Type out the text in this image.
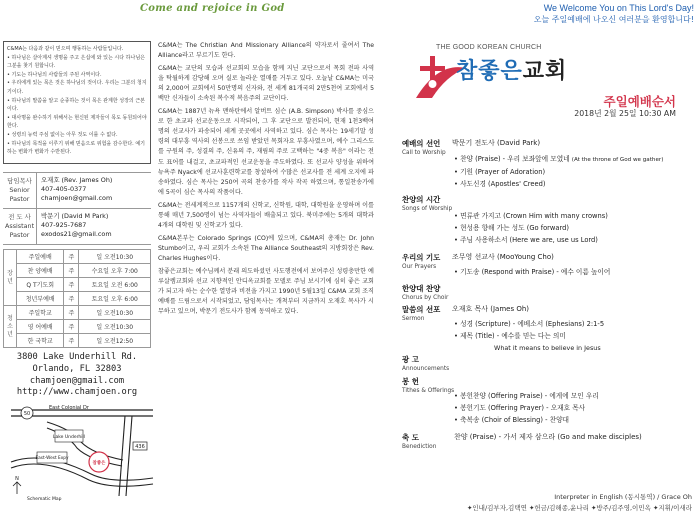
Come and rejoice in God	We Welcome You on This Lord's Day!
오늘 주일예배에 나오신 여러분을 환영합니다!

C&MA는 다음과 같이 믿으며 행동하는 사람들입니다.

• 하나님은 살아계셔 생명을 주고 은십에 와 있는 시다 하나님은 그분을 찾기 원합니다.

• 기도는 하나님의 사람들의 주된 사역이다.

• 우리에게 있는 목은 것은 하나님의 것이다. 우리는 그분의 청지기이다.

• 하나님의 말씀을 알고 순종하는 것이 목은 관계한 성장의 근본이다.

• 대사명을 완수하기 위해서는 현신된 제자들이 목도 동원되어야 한다.

• 성령의 능력 주심 없이는 아무 것도 이룰 수 없다.

• 하나님의 목적을 이루기 위해 믿음으로 위험을 감수한다. 예기하는 변화가 변화가 수반된다.

담임목사
Senior
Pastor
오재호 (Rev. James Oh)
407-405-0377
chamjoen@gmail.com
전 도 사
Assistant
Pastor
박문기 (David M Park)
407-925-7687
exodos21@gmail.com
장년	주일예배	주	일 오전10:30
	찬 양예배	주	수요일 오후 7:00
	Q T기도회	주	토요일 오전 6:00
	청년부예배	주	토요일 오후 6:00
청소년	주일학교	주	일 오전10:30
	영 어예배	주	일 오전10:30
	한 국학교	주	일 오전12:50
3800 Lake Underhill Rd.
Orlando, FL 32803
chamjoen@gmail.com
http://www.chamjoen.org
East Colonial Dr
50
436
Lake Underhill
East-West Expy
참좋은
N
Schematic Map

C&MA는 The Christian And Missionary Alliance의 약자로서 줄여서 The Alliance라고 부르기도 한다.

C&MA는 교단의 모습과 선교회의 모습을 함께 지닌 교단으로서 목회 전파 사역을 탁월하게 감당해 오며 실로 놀라운 열매를 거두고 있다. 오늘날 C&MA는 미국의 2,000여 교회에서 50만명의 신자와, 전 세계 81개국의 2만5천여 교회에서 5백만 신자들이 소속된 복수적 복음주의 교단이다.

C&MA는 1887년 뉴욕 맨하탄에서 알버트 심슨 (A.B. Simpson) 박사를 중심으로 한 초교파 선교운동으로 시작되어, 그 후 교단으로 발전되어, 현재 1천3백여 명의 선교사가 파송되어 세계 곳곳에서 사역하고 있다. 심슨 목사는 19세기말 성령의 대부흥 역사의 선봉으로 쓰임 받았던 목회자요 부흥사였으며, 예수 그리스도를 구원의 주, 성결의 주, 신유의 주, 재림의 주로 고백하는 "4중 복음" 이라는 전도 표어를 내걸고, 초교파적인 선교운동을 주도하였다. 또 선교사 양성을 위하여 뉴욕주 Nyack에 선교사훈련학교를 창설하여 수많은 선교사를 전 세계 오지에 파송하였다. 심슨 목사는 250여 곡의 찬송가를 작사 작곡 하였으며, 통일찬송가에에 5곡이 심슨 목사의 작품이다.

C&MA는 전세계적으로 1157개의 신학교, 신학원, 대학, 대학원을 운영하며 이를 통해 매년 7,500명이 넘는 사역자들이 배출되고 있다. 북미주에는 5개의 대학과 4개의 대학원 및 신학교가 있다.

C&MA본부는 Colorado Springs (CO)에 있으며, C&MA의 총재는 Dr. John Stumbo이고, 우리 교회가 소속된 The Alliance Southeast의 지방회장은 Rev. Charles Hughes이다.

참좋은교회는 예수님께서 분래 의도하셨던 사도행전에서 보여주신 성령충만한 예루살렘교회와 선교 지향적인 안디옥교회를 모델로 주님 보시기에 심히 좋은 교회가 되고자 하는 순수한 열망과 비전을 가지고 1990년 5월13일 C&MA 교회 조직 예배를 드림으로서 시작되었고, 담임목사는 개척부터 지금까지 오재호 목사가 시무하고 있으며, 박문기 전도사가 함께 동역하고 있다.

THE GOOD KOREAN CHURCH
참좋은교회
주일예배순서
2018년 2월 25일 10:30 AM
예배의 선언
Call to Worship
박문기 전도사 (David Park)
• 찬양 (Praise) - 우리 보좌앞에 모였네 (At the throne of God we gather)
• 기원 (Prayer of Adoration)
• 사도신경 (Apostles' Creed)
찬양의 시간
Songs of Worship
• 면류관 가지고 (Crown Him with many crowns)
• 현성용 향해 가는 성도 (Go forward)
• 주님 사용하소서 (Here we are, use us Lord)
우리의 기도
Our Prayers
조무영 선교사 (MooYoung Cho)
• 기도송 (Respond with Praise) - 예수 이름 높이어
한양대 찬양
Chorus by Choir
말씀의 선포
Sermon
오재호 목사 (James Oh)
• 성경 (Scripture) - 에베소서 (Ephesians) 2:1-5
• 제목 (Title) - 예수를 믿는 다는 의미
What it means to believe in Jesus
광 고
Announcements
봉 헌
Tithes & Offerings
• 봉헌찬양 (Offering Praise) - 에게에 모인 우리
• 봉헌기도 (Offering Prayer) - 오재호 목사
• 축복송 (Choir of Blessing) - 찬양대
축 도
Benediction
찬양 (Praise) - 가서 제자 삼으라 (Go and make disciples)
Interpreter in English (동시통역) / Grace Oh
✦인내/김부자,김택연 ✦헌금/김해종,윤나리 ✦방주/김주영,이민옥 ✦지휘/이새라
